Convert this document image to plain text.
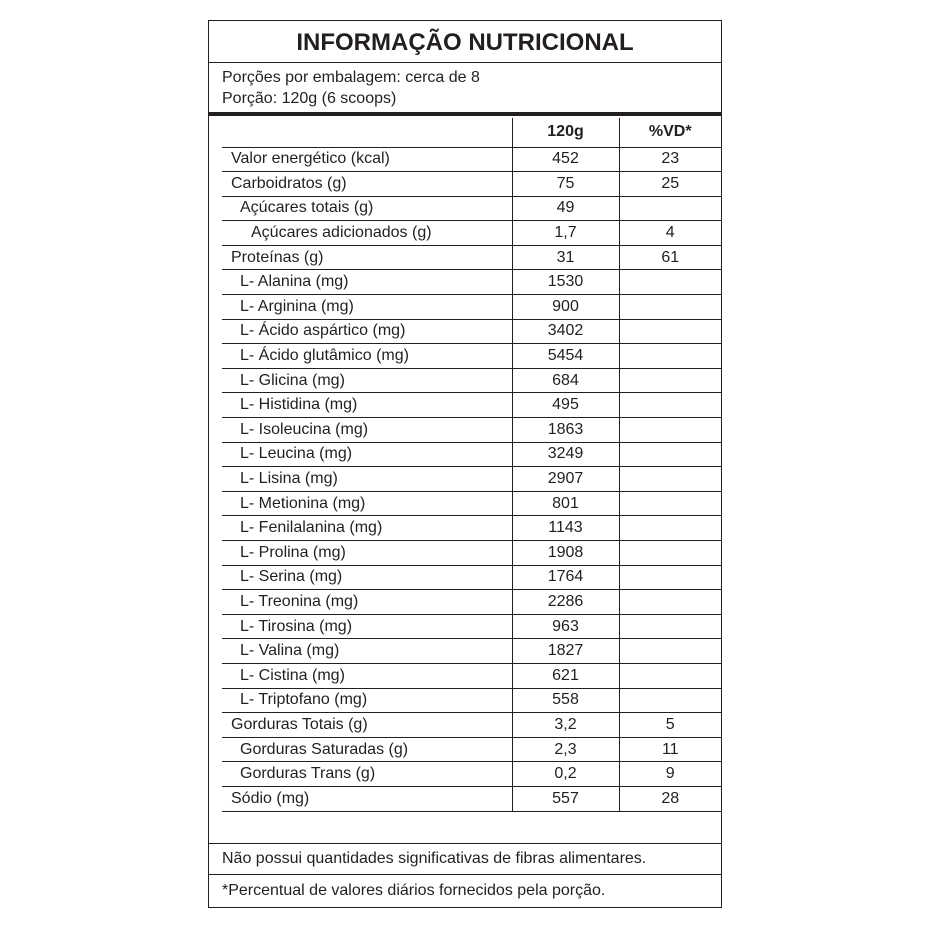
INFORMAÇÃO NUTRICIONAL
Porções por embalagem: cerca de 8
Porção: 120g (6 scoops)
	120g	%VD*
Valor energético (kcal)	452	23
Carboidratos (g)	75	25
Açúcares totais (g)	49	
Açúcares adicionados (g)	1,7	4
Proteínas (g)	31	61
L- Alanina (mg)	1530	
L- Arginina (mg)	900	
L- Ácido aspártico (mg)	3402	
L- Ácido glutâmico (mg)	5454	
L- Glicina (mg)	684	
L- Histidina (mg)	495	
L- Isoleucina (mg)	1863	
L- Leucina (mg)	3249	
L- Lisina (mg)	2907	
L- Metionina (mg)	801	
L- Fenilalanina (mg)	1143	
L- Prolina (mg)	1908	
L- Serina (mg)	1764	
L- Treonina (mg)	2286	
L- Tirosina (mg)	963	
L- Valina (mg)	1827	
L- Cistina (mg)	621	
L- Triptofano (mg)	558	
Gorduras Totais (g)	3,2	5
Gorduras Saturadas (g)	2,3	11
Gorduras Trans (g)	0,2	9
Sódio (mg)	557	28
Não possui quantidades significativas de fibras alimentares.
*Percentual de valores diários fornecidos pela porção.
